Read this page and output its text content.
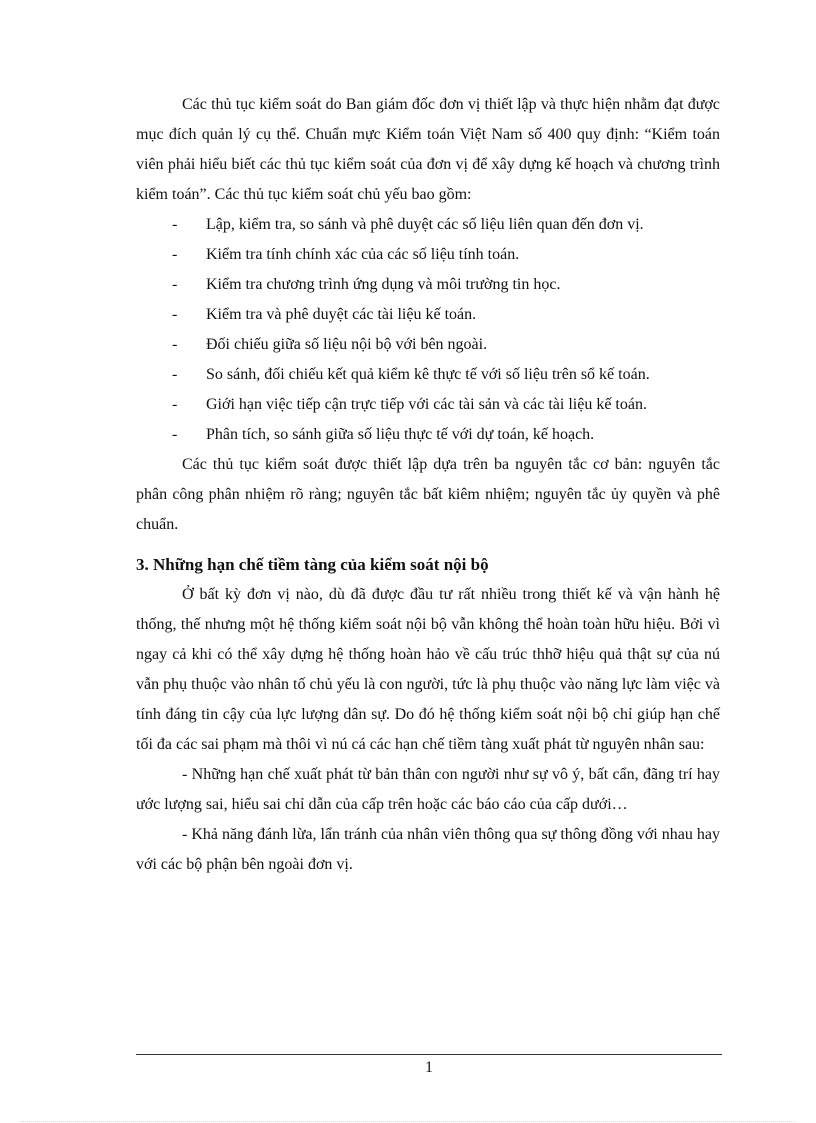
Các thủ tục kiểm soát do Ban giám đốc đơn vị thiết lập và thực hiện nhằm đạt được mục đích quản lý cụ thể. Chuẩn mực Kiểm toán Việt Nam số 400 quy định: “Kiểm toán viên phải hiểu biết các thủ tục kiểm soát của đơn vị để xây dựng kế hoạch và chương trình kiểm toán”. Các thủ tục kiểm soát chủ yếu bao gồm:

- Lập, kiểm tra, so sánh và phê duyệt các số liệu liên quan đến đơn vị.
- Kiểm tra tính chính xác của các số liệu tính toán.
- Kiểm tra chương trình ứng dụng và môi trường tin học.
- Kiểm tra và phê duyệt các tài liệu kế toán.
- Đối chiếu giữa số liệu nội bộ với bên ngoài.
- So sánh, đối chiếu kết quả kiểm kê thực tế với số liệu trên sổ kế toán.
- Giới hạn việc tiếp cận trực tiếp với các tài sản và các tài liệu kế toán.
- Phân tích, so sánh giữa số liệu thực tế với dự toán, kế hoạch.

Các thủ tục kiểm soát được thiết lập dựa trên ba nguyên tắc cơ bản: nguyên tắc phân công phân nhiệm rõ ràng; nguyên tắc bất kiêm nhiệm; nguyên tắc ủy quyền và phê chuẩn.

3. Những hạn chế tiềm tàng của kiểm soát nội bộ

Ở bất kỳ đơn vị nào, dù đã được đầu tư rất nhiều trong thiết kế và vận hành hệ thống, thế nhưng một hệ thống kiểm soát nội bộ vẫn không thể hoàn toàn hữu hiệu. Bởi vì ngay cả khi có thể xây dựng hệ thống hoàn hảo về cấu trúc thhỡ hiệu quả thật sự của nú vẫn phụ thuộc vào nhân tố chủ yếu là con người, tức là phụ thuộc vào năng lực làm việc và tính đáng tin cậy của lực lượng dân sự. Do đó hệ thống kiểm soát nội bộ chỉ giúp hạn chế tối đa các sai phạm mà thôi vì nú cá các hạn chế tiềm tàng xuất phát từ nguyên nhân sau:

- Những hạn chế xuất phát từ bản thân con người như sự vô ý, bất cẩn, đãng trí hay ước lượng sai, hiểu sai chỉ dẫn của cấp trên hoặc các báo cáo của cấp dưới…

- Khả năng đánh lừa, lẩn tránh của nhân viên thông qua sự thông đồng với nhau hay với các bộ phận bên ngoài đơn vị.

1
